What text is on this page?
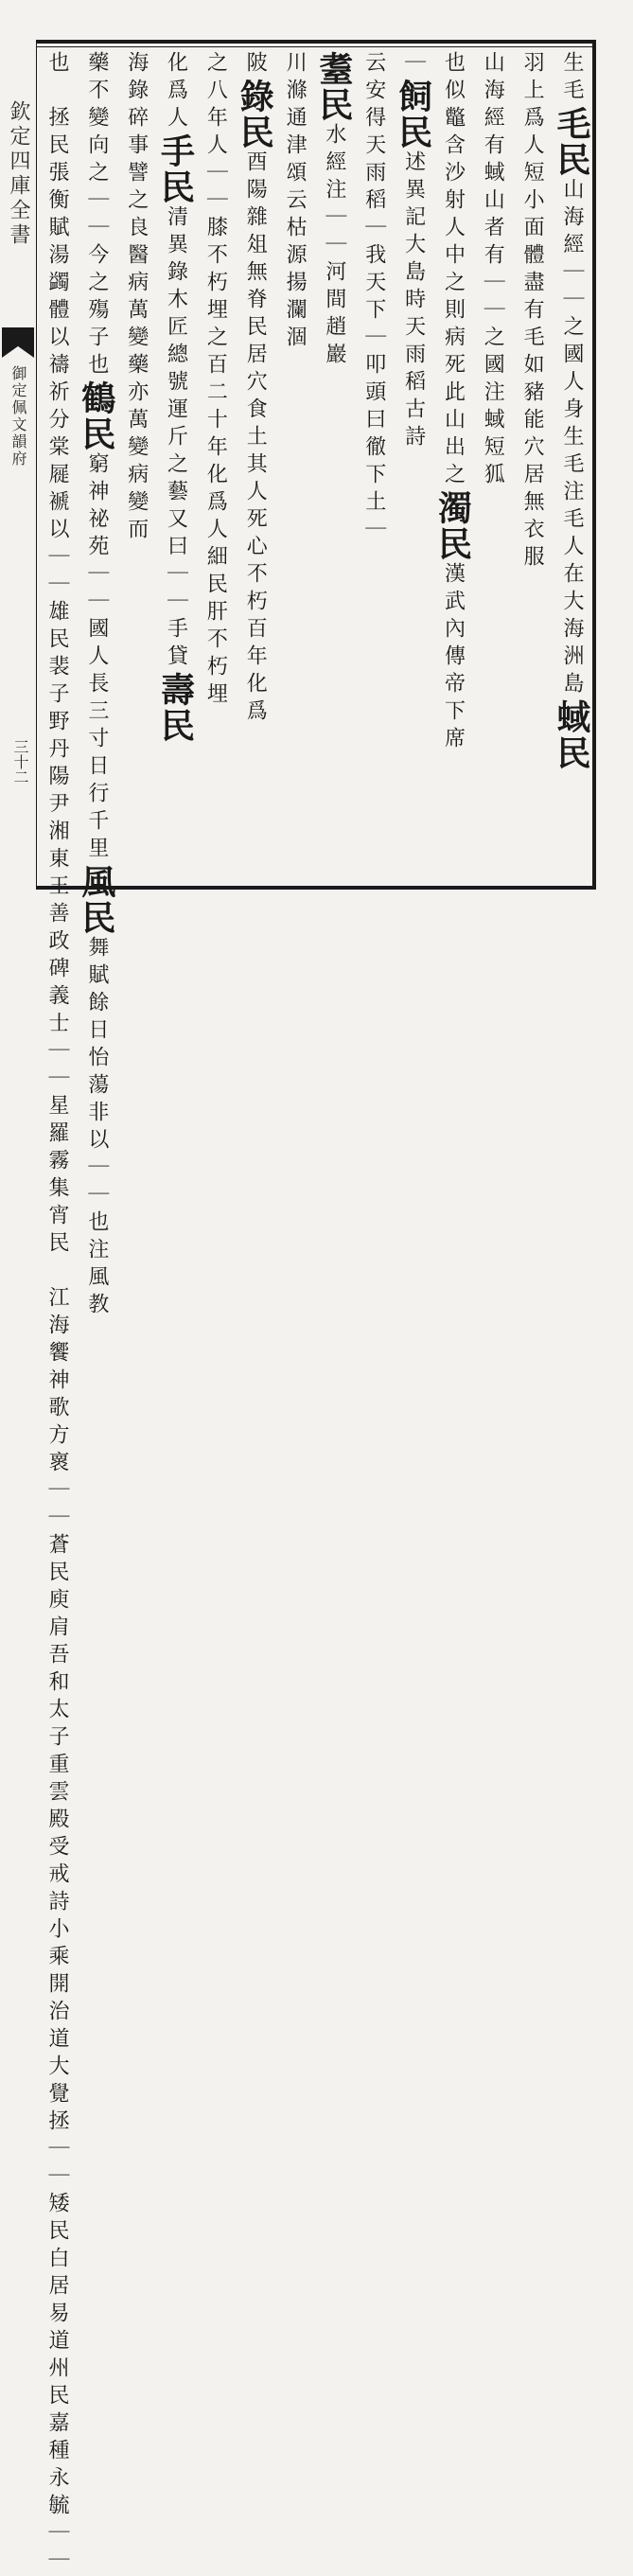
欽定四庫全書
御定佩文韻府
三十二
生毛毛民山海經｜｜之國人身生毛注毛人在大海洲島蜮民
羽上爲人短小面體盡有毛如豬能穴居無衣服
山海經有蜮山者有｜｜之國注蜮短狐
也似鼈含沙射人中之則病死此山出之濁民漢武內傳帝下席
｜飼民述異記大島時天雨稻古詩
云安得天雨稻｜我天下｜叩頭曰徹下土｜
耋民水經注｜｜河間趙巖
川滌通津頌云枯源揚瀾涸
陂錄民酉陽雜俎無脊民居穴食土其人死心不朽百年化爲
之八年人｜｜膝不朽埋之百二十年化爲人細民肝不朽埋
化爲人手民清異錄木匠總號運斤之藝又曰｜｜手貸壽民
海錄碎事譬之良醫病萬變藥亦萬變病變而
藥不變向之｜｜今之殤子也鶴民窮神祕苑｜｜國人長三寸日行千里風民舞賦餘日怡蕩非以｜｜也注風教
也　拯民張衡賦湯蠲體以禱祈分棠屣褫以｜｜雄民裴子野丹陽尹湘東王善政碑義士｜｜星羅霧集宵民　江海饗神歌方褱｜｜蒼民庾肩吾和太子重雲殿受戒詩小乘開治道大覺拯｜｜矮民白居易道州民嘉種永毓｜｜
